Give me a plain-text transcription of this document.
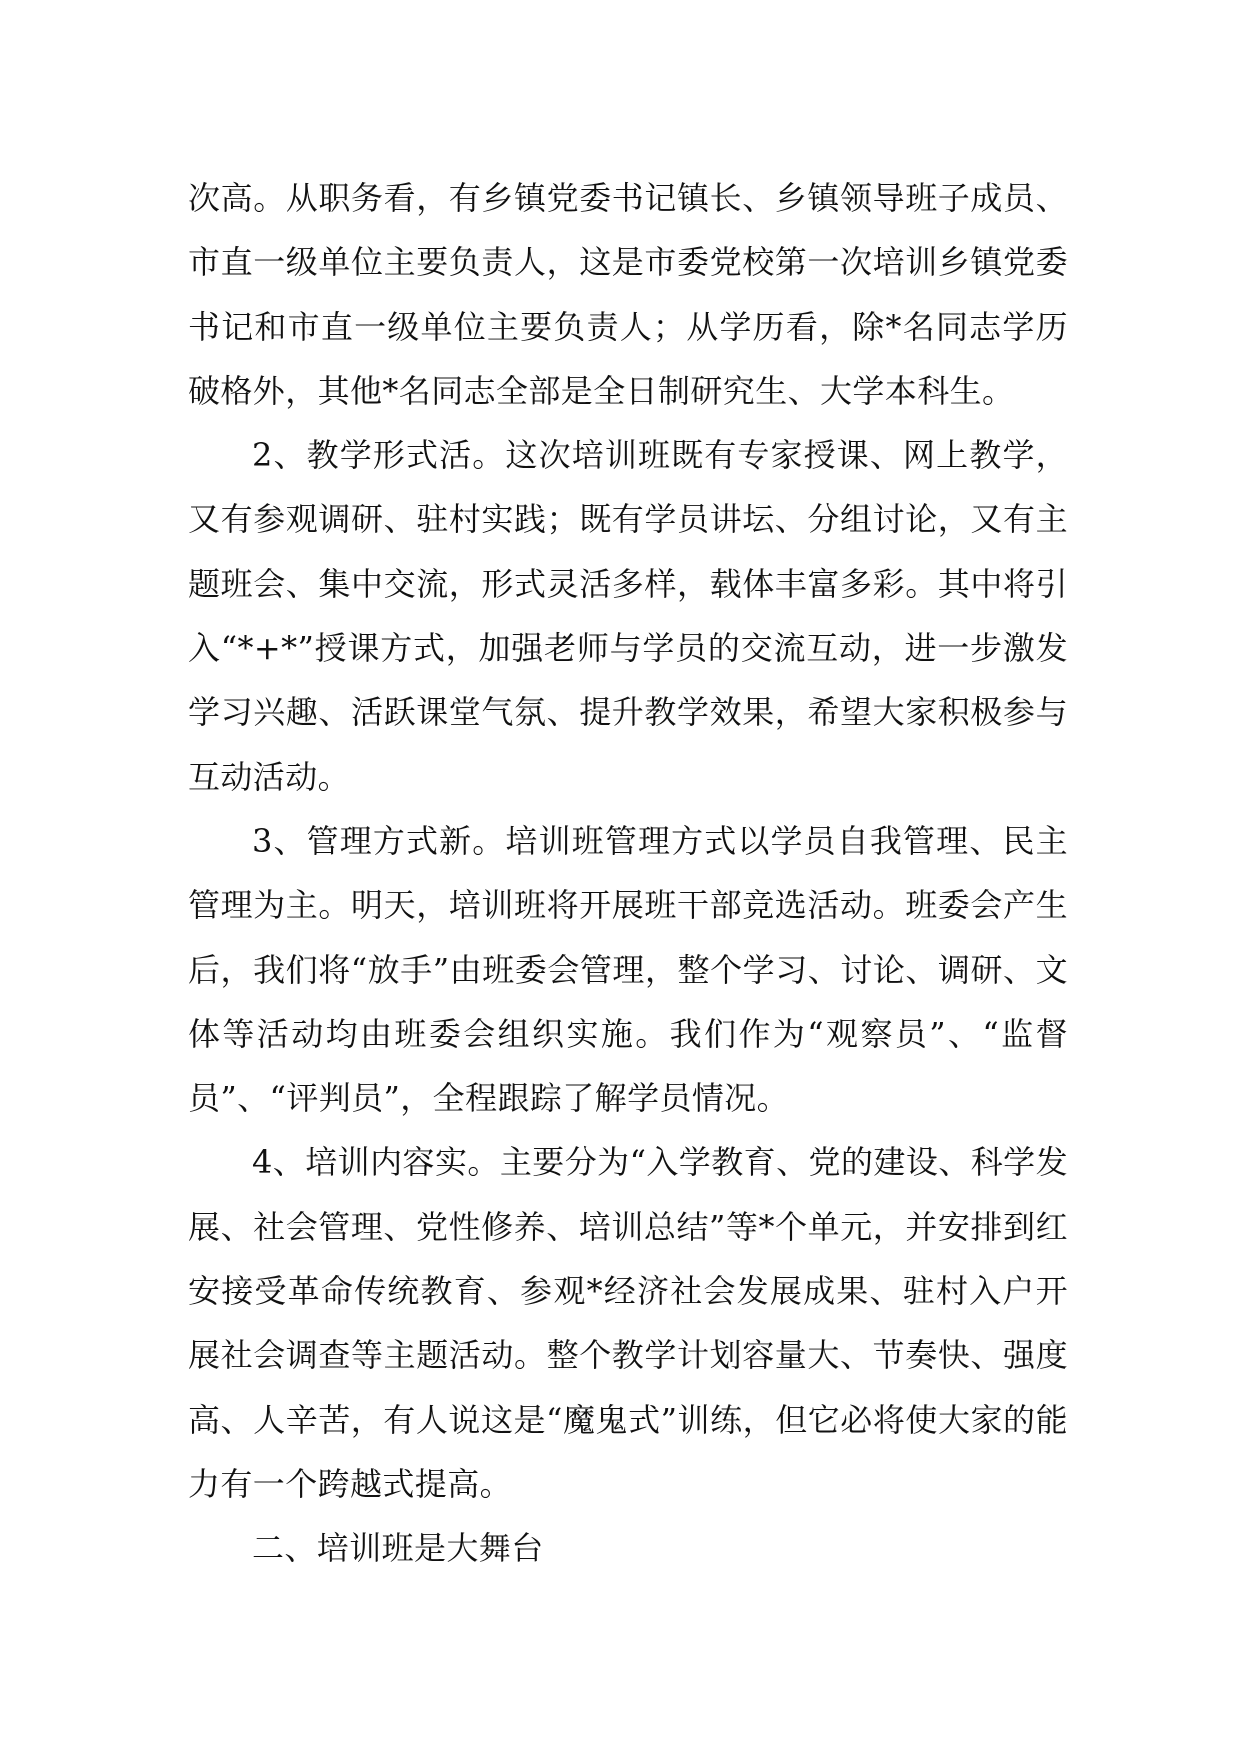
次高。从职务看，有乡镇党委书记镇长、乡镇领导班子成员、市直一级单位主要负责人，这是市委党校第一次培训乡镇党委书记和市直一级单位主要负责人；从学历看，除*名同志学历破格外，其他*名同志全部是全日制研究生、大学本科生。

2、教学形式活。这次培训班既有专家授课、网上教学，又有参观调研、驻村实践；既有学员讲坛、分组讨论，又有主题班会、集中交流，形式灵活多样，载体丰富多彩。其中将引入“*+*”授课方式，加强老师与学员的交流互动，进一步激发学习兴趣、活跃课堂气氛、提升教学效果，希望大家积极参与互动活动。

3、管理方式新。培训班管理方式以学员自我管理、民主管理为主。明天，培训班将开展班干部竞选活动。班委会产生后，我们将“放手”由班委会管理，整个学习、讨论、调研、文体等活动均由班委会组织实施。我们作为“观察员”、“监督员”、“评判员”，全程跟踪了解学员情况。

4、培训内容实。主要分为“入学教育、党的建设、科学发展、社会管理、党性修养、培训总结”等*个单元，并安排到红安接受革命传统教育、参观*经济社会发展成果、驻村入户开展社会调查等主题活动。整个教学计划容量大、节奏快、强度高、人辛苦，有人说这是“魔鬼式”训练，但它必将使大家的能力有一个跨越式提高。

二、培训班是大舞台
